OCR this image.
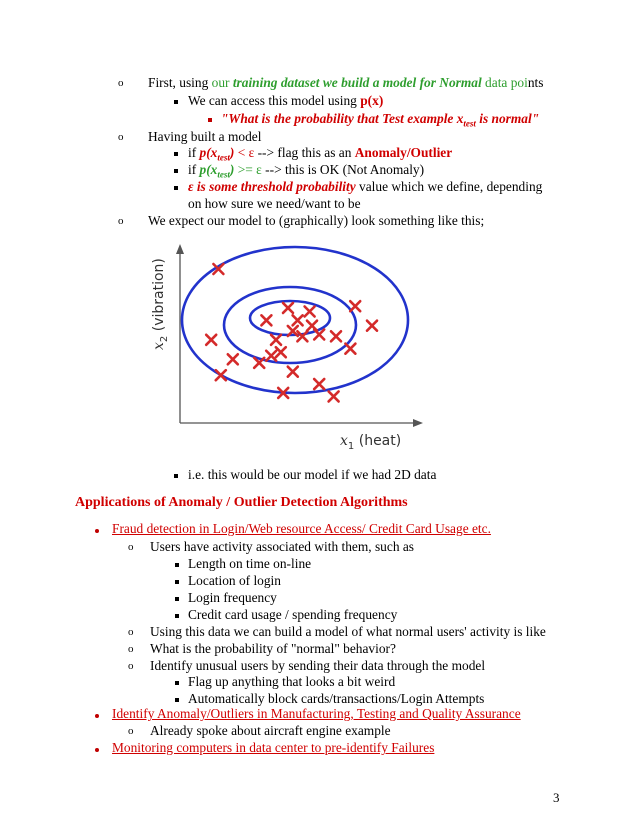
o First, using our training dataset we build a model for Normal data points
We can access this model using p(x)
"What is the probability that Test example $x_{test}$ is normal"
o Having built a model
if $p(x_{test}) < \varepsilon$ --> flag this as an Anomaly/Outlier
if $p(x_{test}) >= \varepsilon$ --> this is OK (Not Anomaly)
ε is some threshold probability value which we define, depending
on how sure we need/want to be
o We expect our model to (graphically) look something like this;
$x_2$ (vibration)
$x_1$ (heat)
i.e. this would be our model if we had 2D data
Applications of Anomaly / Outlier Detection Algorithms
Fraud detection in Login/Web resource Access/ Credit Card Usage etc.
o Users have activity associated with them, such as
Length on time on-line
Location of login
Login frequency
Credit card usage / spending frequency
o Using this data we can build a model of what normal users' activity is like
o What is the probability of "normal" behavior?
o Identify unusual users by sending their data through the model
Flag up anything that looks a bit weird
Automatically block cards/transactions/Login Attempts
Identify Anomaly/Outliers in Manufacturing, Testing and Quality Assurance
o Already spoke about aircraft engine example
Monitoring computers in data center to pre-identify Failures
3
